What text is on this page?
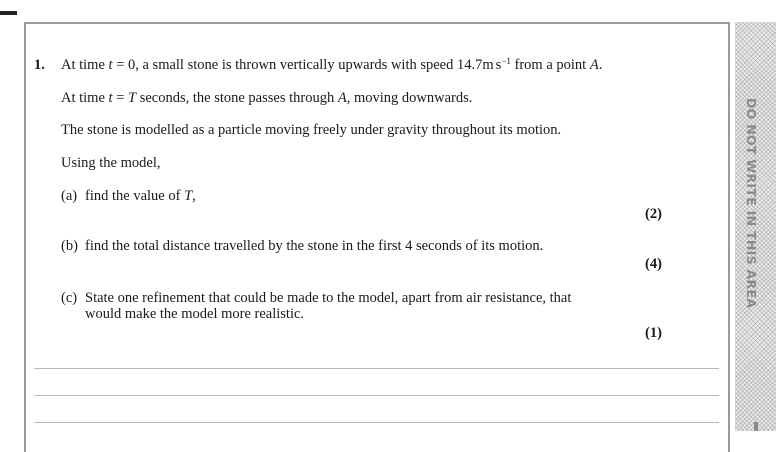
DO NOT WRITE IN THIS AREA
1. At time t = 0, a small stone is thrown vertically upwards with speed 14.7m $s^{-1}$ from a point A.
At time t = T seconds, the stone passes through A, moving downwards.
The stone is modelled as a particle moving freely under gravity throughout its motion.
Using the model,
(a) find the value of T,
(2)
(b) find the total distance travelled by the stone in the first 4 seconds of its motion.
(4)
(c) State one refinement that could be made to the model, apart from air resistance, that
would make the model more realistic.
(1)
